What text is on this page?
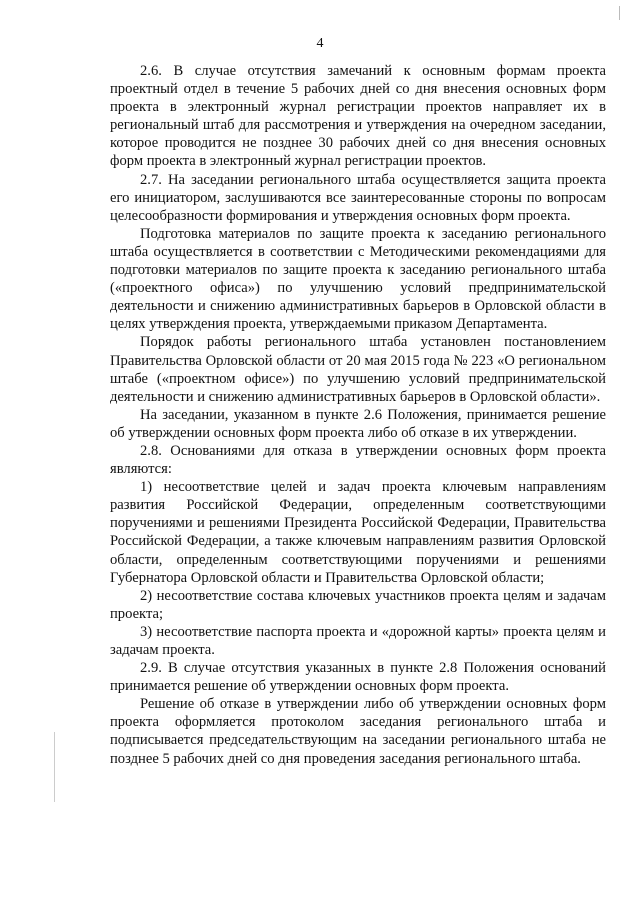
4

2.6. В случае отсутствия замечаний к основным формам проекта проектный отдел в течение 5 рабочих дней со дня внесения основных форм проекта в электронный журнал регистрации проектов направляет их в региональный штаб для рассмотрения и утверждения на очередном заседании, которое проводится не позднее 30 рабочих дней со дня внесения основных форм проекта в электронный журнал регистрации проектов.

2.7. На заседании регионального штаба осуществляется защита проекта его инициатором, заслушиваются все заинтересованные стороны по вопросам целесообразности формирования и утверждения основных форм проекта.

Подготовка материалов по защите проекта к заседанию регионального штаба осуществляется в соответствии с Методическими рекомендациями для подготовки материалов по защите проекта к заседанию регионального штаба («проектного офиса») по улучшению условий предпринимательской деятельности и снижению административных барьеров в Орловской области в целях утверждения проекта, утверждаемыми приказом Департамента.

Порядок работы регионального штаба установлен постановлением Правительства Орловской области от 20 мая 2015 года № 223 «О региональном штабе («проектном офисе») по улучшению условий предпринимательской деятельности и снижению административных барьеров в Орловской области».

На заседании, указанном в пункте 2.6 Положения, принимается решение об утверждении основных форм проекта либо об отказе в их утверждении.

2.8. Основаниями для отказа в утверждении основных форм проекта являются:

1) несоответствие целей и задач проекта ключевым направлениям развития Российской Федерации, определенным соответствующими поручениями и решениями Президента Российской Федерации, Правительства Российской Федерации, а также ключевым направлениям развития Орловской области, определенным соответствующими поручениями и решениями Губернатора Орловской области и Правительства Орловской области;

2) несоответствие состава ключевых участников проекта целям и задачам проекта;

3) несоответствие паспорта проекта и «дорожной карты» проекта целям и задачам проекта.

2.9. В случае отсутствия указанных в пункте 2.8 Положения оснований принимается решение об утверждении основных форм проекта.

Решение об отказе в утверждении либо об утверждении основных форм проекта оформляется протоколом заседания регионального штаба и подписывается председательствующим на заседании регионального штаба не позднее 5 рабочих дней со дня проведения заседания регионального штаба.
